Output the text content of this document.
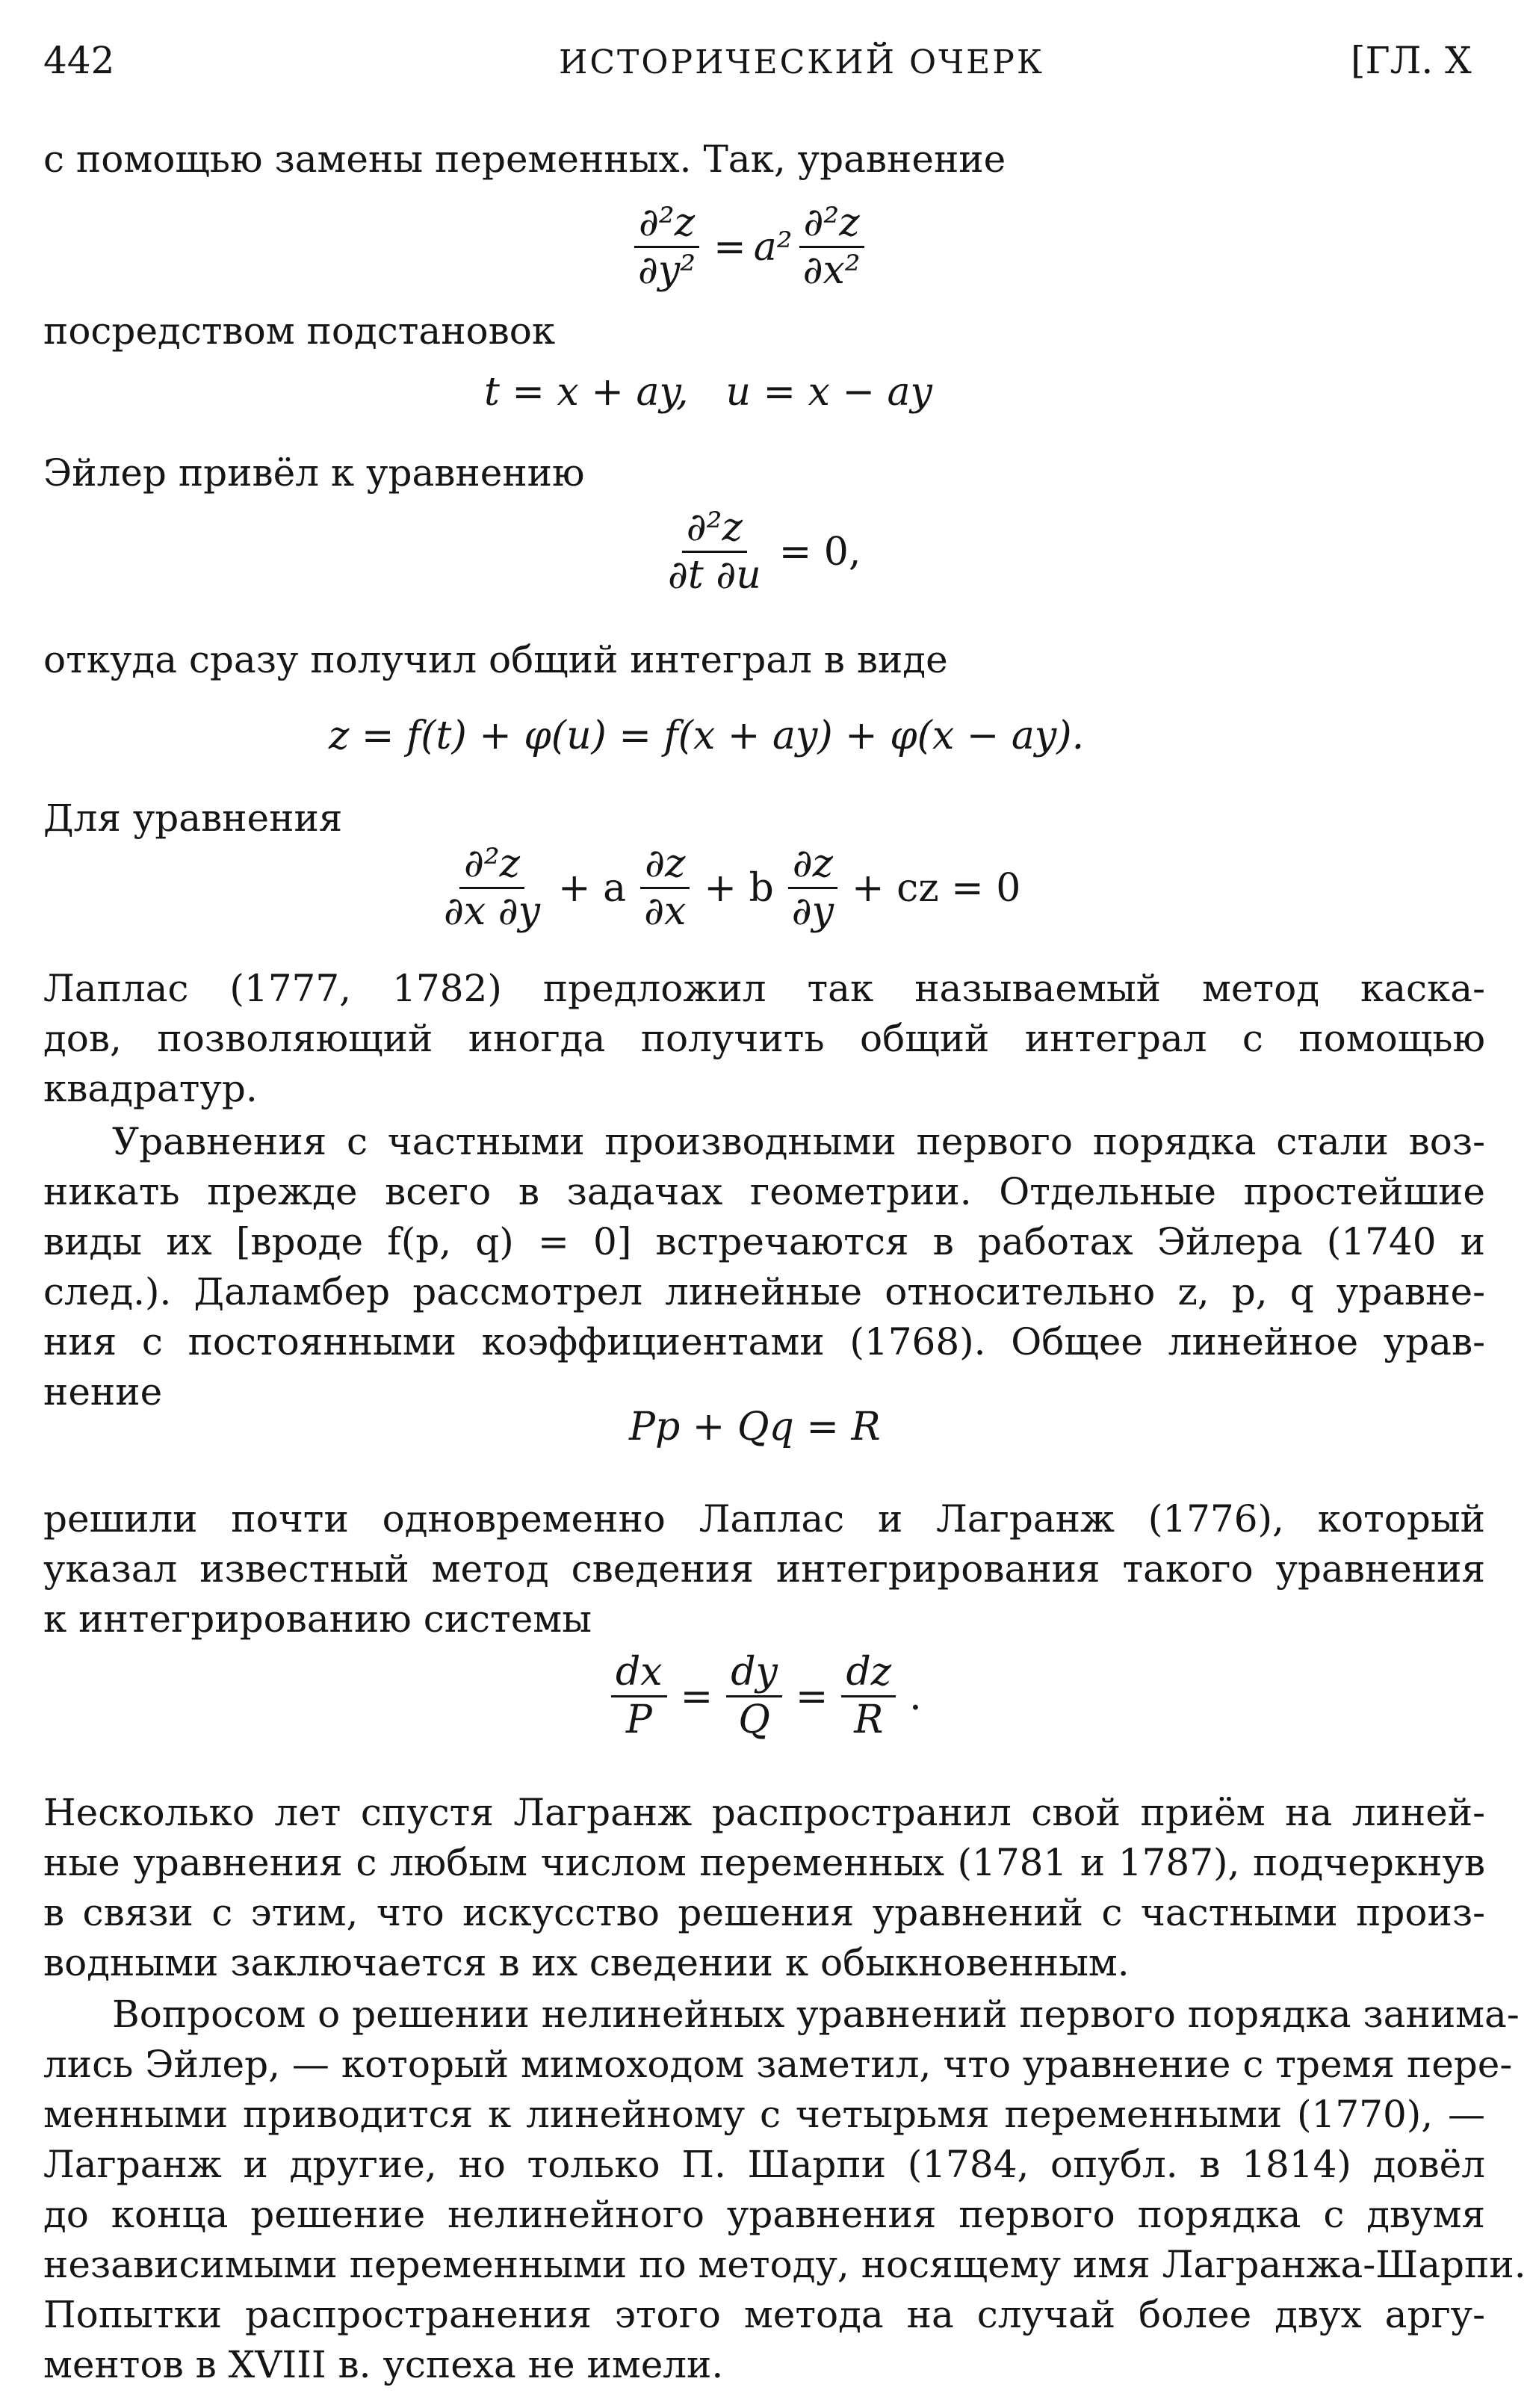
442	ИСТОРИЧЕСКИЙ ОЧЕРК	[ГЛ. X
с помощью замены переменных. Так, уравнение
$\frac{\text{∂²z}}{\text{∂y²}} = a^2 \frac{\text{∂²z}}{\text{∂x²}}$
посредством подстановок
t = x + ay, u = x − ay
Эйлер привёл к уравнению
$\frac{\text{∂²z}}{\partial t \partial u} = 0$,
откуда сразу получил общий интеграл в виде
z = f(t) + φ(u) = f(x + ay) + φ(x − ay).
Для уравнения
$\frac{\text{∂²z}}{\partial x \partial y} + a \frac{\partial z}{\partial x} + b \frac{\partial z}{\partial y}$ + cz = 0
Лаплас (1777, 1782) предложил так называемый метод каска-
дов, позволяющий иногда получить общий интеграл с помощью
квадратур.
Уравнения с частными производными первого порядка стали воз-
никать прежде всего в задачах геометрии. Отдельные простейшие
виды их [вроде f(p, q) = 0] встречаются в работах Эйлера (1740 и
след.). Даламбер рассмотрел линейные относительно z, p, q уравне-
ния с постоянными коэффициентами (1768). Общее линейное урав-
нение
Pp + Qq = R
решили почти одновременно Лаплас и Лагранж (1776), который
указал известный метод сведения интегрирования такого уравнения
к интегрированию системы
$\frac{dx}{P} = \frac{dy}{Q} = \frac{dz}{R}$ .
Несколько лет спустя Лагранж распространил свой приём на линей-
ные уравнения с любым числом переменных (1781 и 1787), подчеркнув
в связи с этим, что искусство решения уравнений с частными произ-
водными заключается в их сведении к обыкновенным.
Вопросом о решении нелинейных уравнений первого порядка занима-
лись Эйлер, — который мимоходом заметил, что уравнение с тремя пере-
менными приводится к линейному с четырьмя переменными (1770), —
Лагранж и другие, но только П. Шарпи (1784, опубл. в 1814) довёл
до конца решение нелинейного уравнения первого порядка с двумя
независимыми переменными по методу, носящему имя Лагранжа-Шарпи.
Попытки распространения этого метода на случай более двух аргу-
ментов в XVIII в. успеха не имели.
